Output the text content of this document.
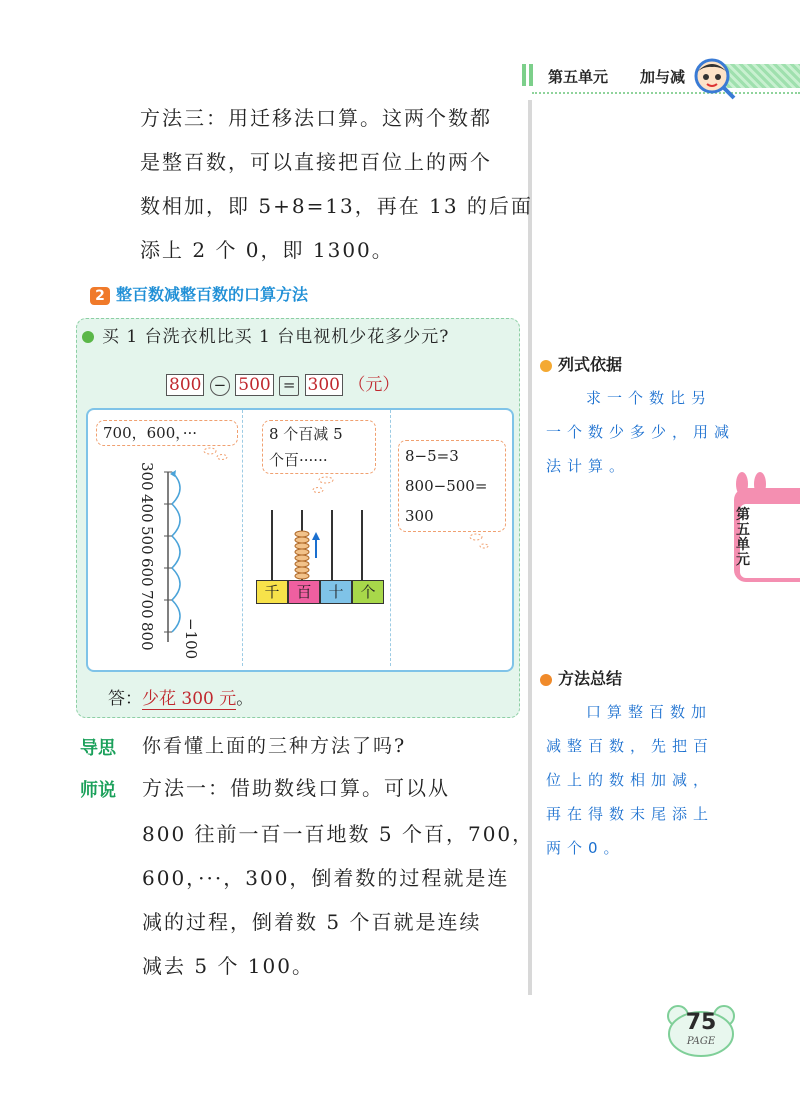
第五单元 加与减
方法三：用迁移法口算。这两个数都
是整百数，可以直接把百位上的两个
数相加，即 5+8=13，再在 13 的后面
添上 2 个 0，即 1300。
2 整百数减整百数的口算方法
买 1 台洗衣机比买 1 台电视机少花多少元?
800 − 500 = 300 （元）
700，600，···
300
400
500
600
700
800 −100
8 个百减 5
个百······
千	百	十	个
8−5=3
800−500=
300
答：少花 300 元。
导思 你看懂上面的三种方法了吗?
师说 方法一：借助数线口算。可以从
800 往前一百一百地数 5 个百，700，
600，···，300，倒着数的过程就是连
减的过程，倒着数 5 个百就是连续
减去 5 个 100。
列式依据
求一个数比另
一个数少多少，用减
法计算。
第五单元
方法总结
口算整百数加
减整百数，先把百
位上的数相加减，
再在得数末尾添上
两个0。
75
PAGE
